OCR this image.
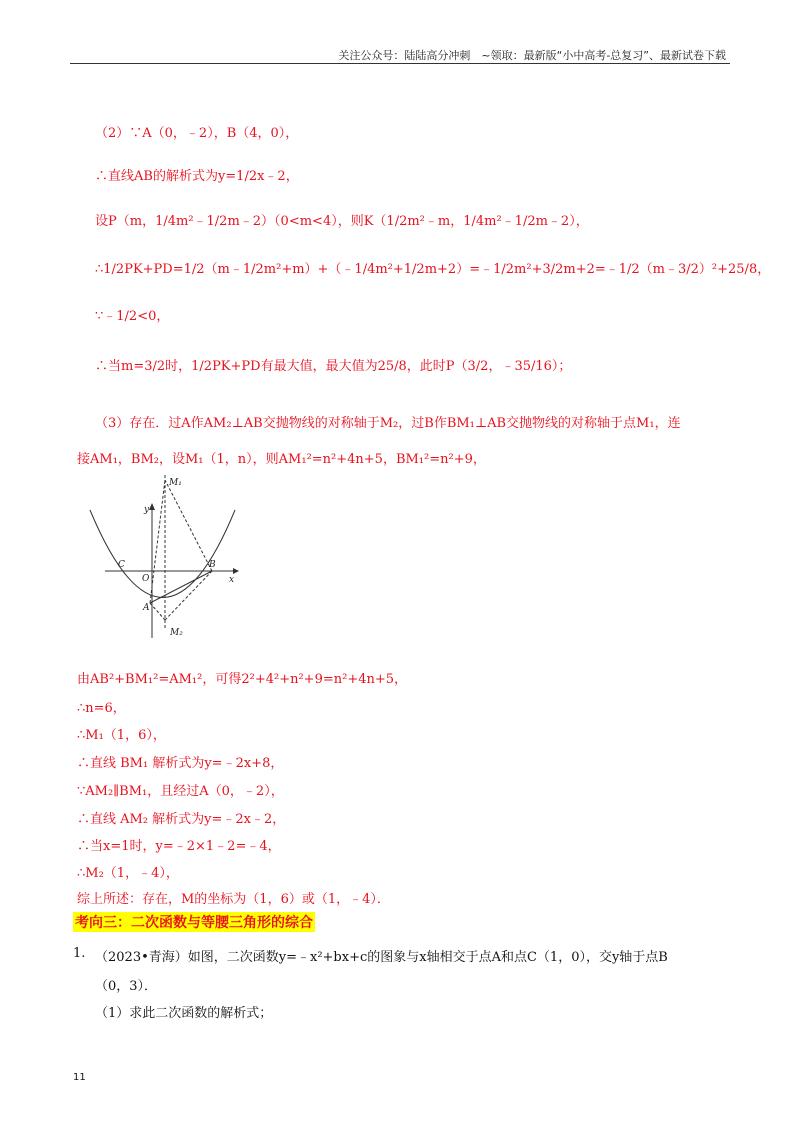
关注公众号：陆陆高分冲刺　~领取：最新版“小中高考-总复习”、最新试卷下载
（2）∵A（0，﹣2），B（4，0），
∴直线AB的解析式为y=1/2x﹣2，
设P（m，1/4m²﹣1/2m﹣2）（0<m<4），则K（1/2m²﹣m，1/4m²﹣1/2m﹣2），
∴1/2PK+PD=1/2（m﹣1/2m²+m）+（﹣1/4m²+1/2m+2）=﹣1/2m²+3/2m+2=﹣1/2（m﹣3/2）²+25/8，
∵﹣1/2<0，
∴当m=3/2时，1/2PK+PD有最大值，最大值为25/8，此时P（3/2，﹣35/16）；
（3）存在．过A作AM₂⊥AB交抛物线的对称轴于M₂，过B作BM₁⊥AB交抛物线的对称轴于点M₁，连
接AM₁，BM₂，设M₁（1，n），则AM₁²=n²+4n+5，BM₁²=n²+9，
M₁
y
x
C
O
B
A
M₂
由AB²+BM₁²=AM₁²，可得2²+4²+n²+9=n²+4n+5，
∴n=6，
∴M₁（1，6），
∴直线 BM₁ 解析式为y=﹣2x+8，
∵AM₂∥BM₁，且经过A（0，﹣2），
∴直线 AM₂ 解析式为y=﹣2x﹣2，
∴当x=1时，y=﹣2×1﹣2=﹣4，
∴M₂（1，﹣4），
综上所述：存在，M的坐标为（1，6）或（1，﹣4）．
考向三：二次函数与等腰三角形的综合
1. （2023•青海）如图，二次函数y=﹣x²+bx+c的图象与x轴相交于点A和点C（1，0），交y轴于点B
（0，3）．
（1）求此二次函数的解析式；
11
